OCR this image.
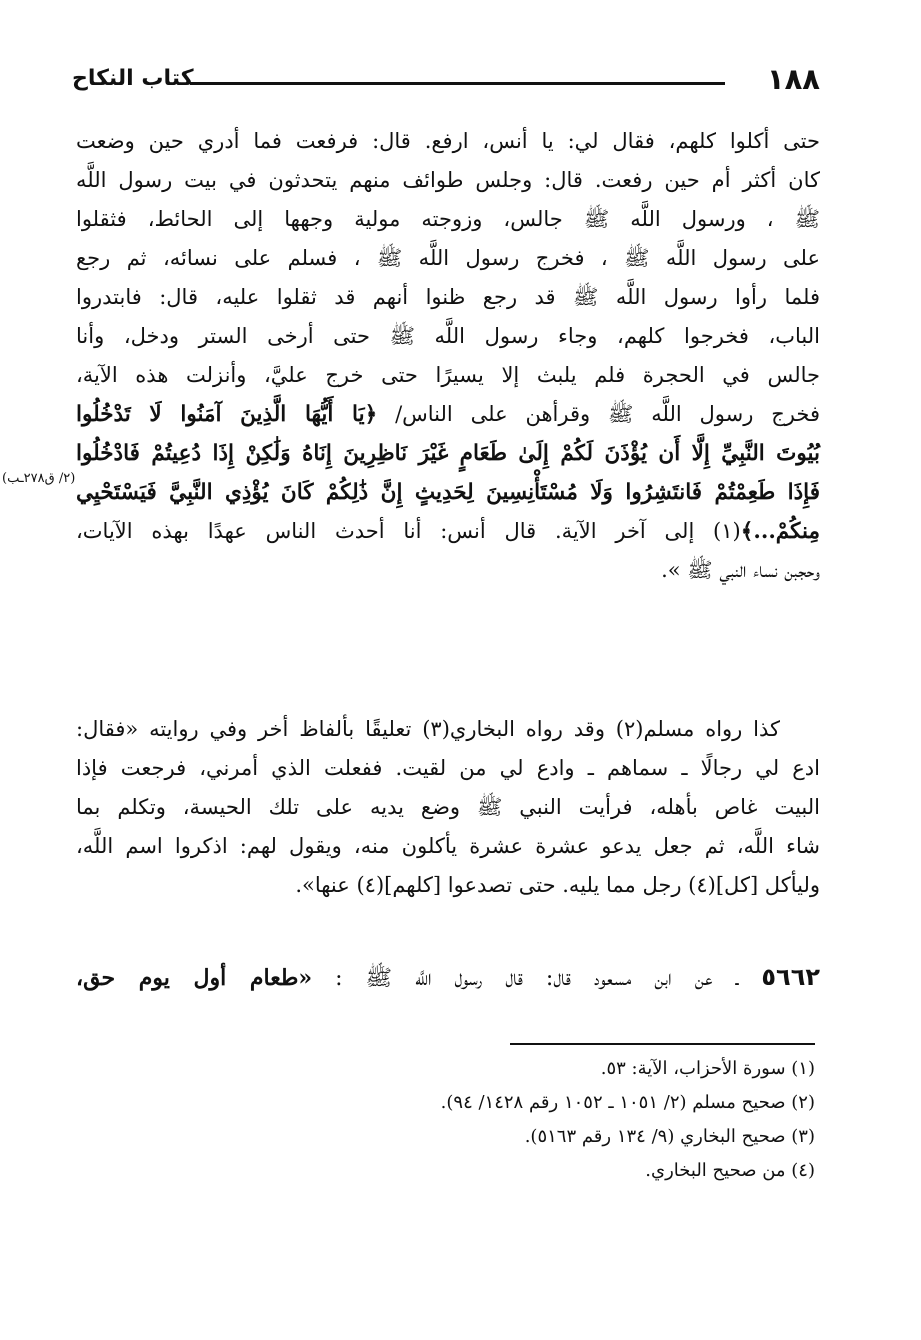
١٨٨
كتاب النكاح
(٢/ ق٢٧٨ـب)
حتى أكلوا كلهم، فقال لي: يا أنس، ارفع. قال: فرفعت فما أدري حين وضعت
كان أكثر أم حين رفعت. قال: وجلس طوائف منهم يتحدثون في بيت رسول اللَّه
ﷺ ، ورسول اللَّه ﷺ جالس، وزوجته مولية وجهها إلى الحائط، فثقلوا
على رسول اللَّه ﷺ ، فخرج رسول اللَّه ﷺ ، فسلم على نسائه، ثم رجع
فلما رأوا رسول اللَّه ﷺ قد رجع ظنوا أنهم قد ثقلوا عليه، قال: فابتدروا
الباب، فخرجوا كلهم، وجاء رسول اللَّه ﷺ حتى أرخى الستر ودخل، وأنا
جالس في الحجرة فلم يلبث إلا يسيرًا حتى خرج عليَّ، وأنزلت هذه الآية،
فخرج رسول اللَّه ﷺ وقرأهن على الناس/ ﴿يَا أَيُّهَا الَّذِينَ آمَنُوا لَا تَدْخُلُوا
بُيُوتَ النَّبِيِّ إِلَّا أَن يُؤْذَنَ لَكُمْ إِلَىٰ طَعَامٍ غَيْرَ نَاظِرِينَ إِنَاهُ وَلَٰكِنْ إِذَا دُعِيتُمْ فَادْخُلُوا
فَإِذَا طَعِمْتُمْ فَانتَشِرُوا وَلَا مُسْتَأْنِسِينَ لِحَدِيثٍ إِنَّ ذَٰلِكُمْ كَانَ يُؤْذِي النَّبِيَّ فَيَسْتَحْيِي
مِنكُمْ...﴾(١) إلى آخر الآية. قال أنس: أنا أحدث الناس عهدًا بهذه الآيات،
وحجبن نساء النبي ﷺ ».
كذا رواه مسلم(٢) وقد رواه البخاري(٣) تعليقًا بألفاظ أخر وفي روايته «فقال:
ادع لي رجالًا ـ سماهم ـ وادع لي من لقيت. ففعلت الذي أمرني، فرجعت فإذا
البيت غاص بأهله، فرأيت النبي ﷺ وضع يديه على تلك الحيسة، وتكلم بما
شاء اللَّه، ثم جعل يدعو عشرة عشرة يأكلون منه، ويقول لهم: اذكروا اسم اللَّه،
وليأكل [كل](٤) رجل مما يليه. حتى تصدعوا [كلهم](٤) عنها».
٥٦٦٢ ـ عن ابن مسعود قال: قال رسول اللَّه ﷺ : «طعام أول يوم حق،
(١) سورة الأحزاب، الآية: ٥٣.
(٢) صحيح مسلم (٢/ ١٠٥١ ـ ١٠٥٢ رقم ١٤٢٨/ ٩٤).
(٣) صحيح البخاري (٩/ ١٣٤ رقم ٥١٦٣).
(٤) من صحيح البخاري.
